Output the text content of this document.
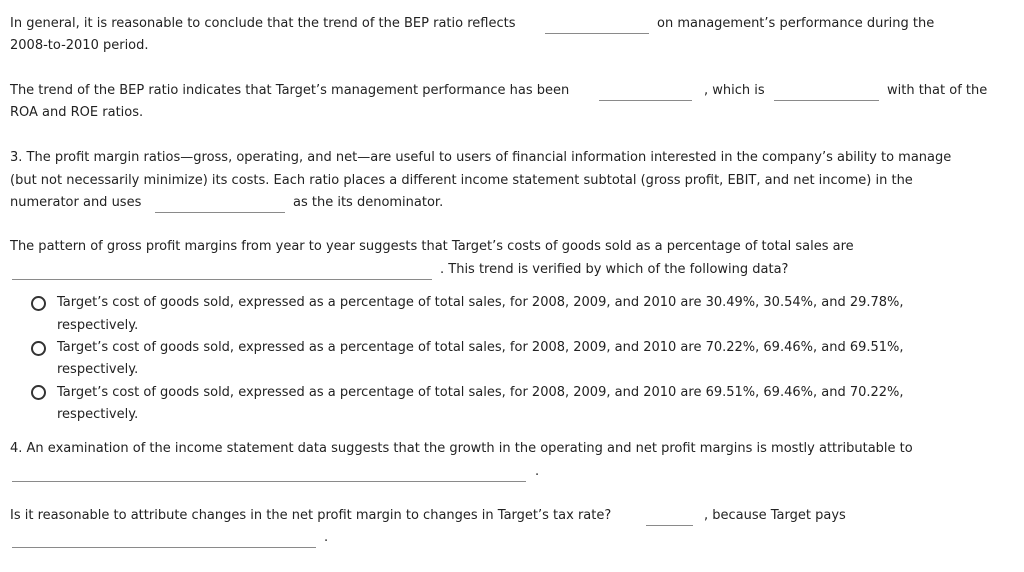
In general, it is reasonable to conclude that the trend of the BEP ratio reflects	on management’s performance during the
2008-to-2010 period.
The trend of the BEP ratio indicates that Target’s management performance has been	, which is	with that of the
ROA and ROE ratios.
3. The profit margin ratios—gross, operating, and net—are useful to users of financial information interested in the company’s ability to manage
(but not necessarily minimize) its costs. Each ratio places a different income statement subtotal (gross profit, EBIT, and net income) in the
numerator and uses	as the its denominator.
The pattern of gross profit margins from year to year suggests that Target’s costs of goods sold as a percentage of total sales are
. This trend is verified by which of the following data?
Target’s cost of goods sold, expressed as a percentage of total sales, for 2008, 2009, and 2010 are 30.49%, 30.54%, and 29.78%,
respectively.
Target’s cost of goods sold, expressed as a percentage of total sales, for 2008, 2009, and 2010 are 70.22%, 69.46%, and 69.51%,
respectively.
Target’s cost of goods sold, expressed as a percentage of total sales, for 2008, 2009, and 2010 are 69.51%, 69.46%, and 70.22%,
respectively.
4. An examination of the income statement data suggests that the growth in the operating and net profit margins is mostly attributable to
.
Is it reasonable to attribute changes in the net profit margin to changes in Target’s tax rate?	, because Target pays
.
